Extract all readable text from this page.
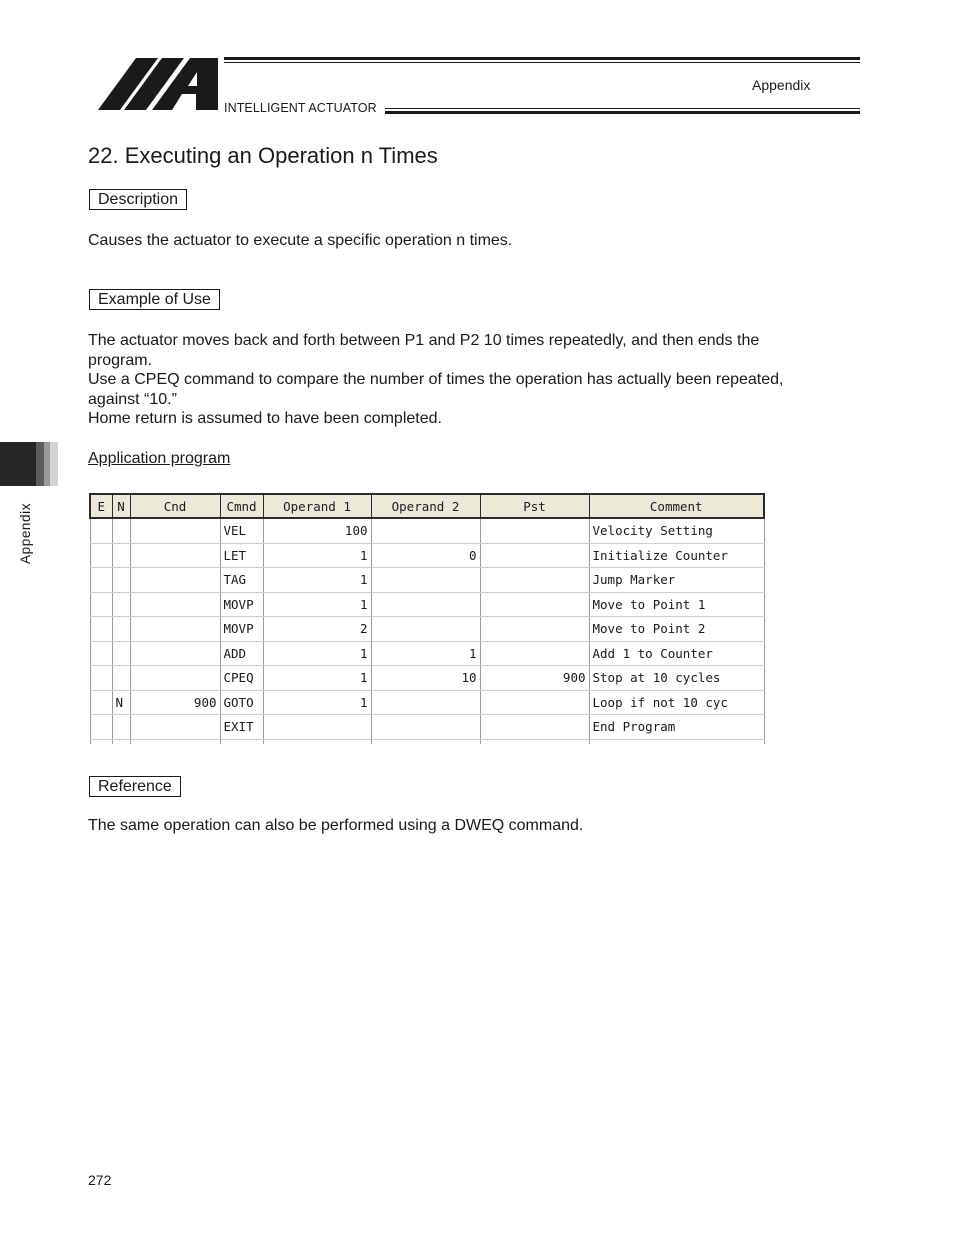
INTELLIGENT ACTUATOR
Appendix
Appendix
22. Executing an Operation n Times
Description

Causes the actuator to execute a specific operation n times.

Example of Use

The actuator moves back and forth between P1 and P2 10 times repeatedly, and then ends the
program.
Use a CPEQ command to compare the number of times the operation has actually been repeated,
against “10.”
Home return is assumed to have been completed.

Application program
E	N	Cnd	Cmnd	Operand 1	Operand 2	Pst	Comment
			VEL	100			Velocity Setting
			LET	1	0		Initialize Counter
			TAG	1			Jump Marker
			MOVP	1			Move to Point 1
			MOVP	2			Move to Point 2
			ADD	1	1		Add 1 to Counter
			CPEQ	1	10	900	Stop at 10 cycles
	N	900	GOTO	1			Loop if not 10 cyc
			EXIT				End Program

Reference

The same operation can also be performed using a DWEQ command.

272
